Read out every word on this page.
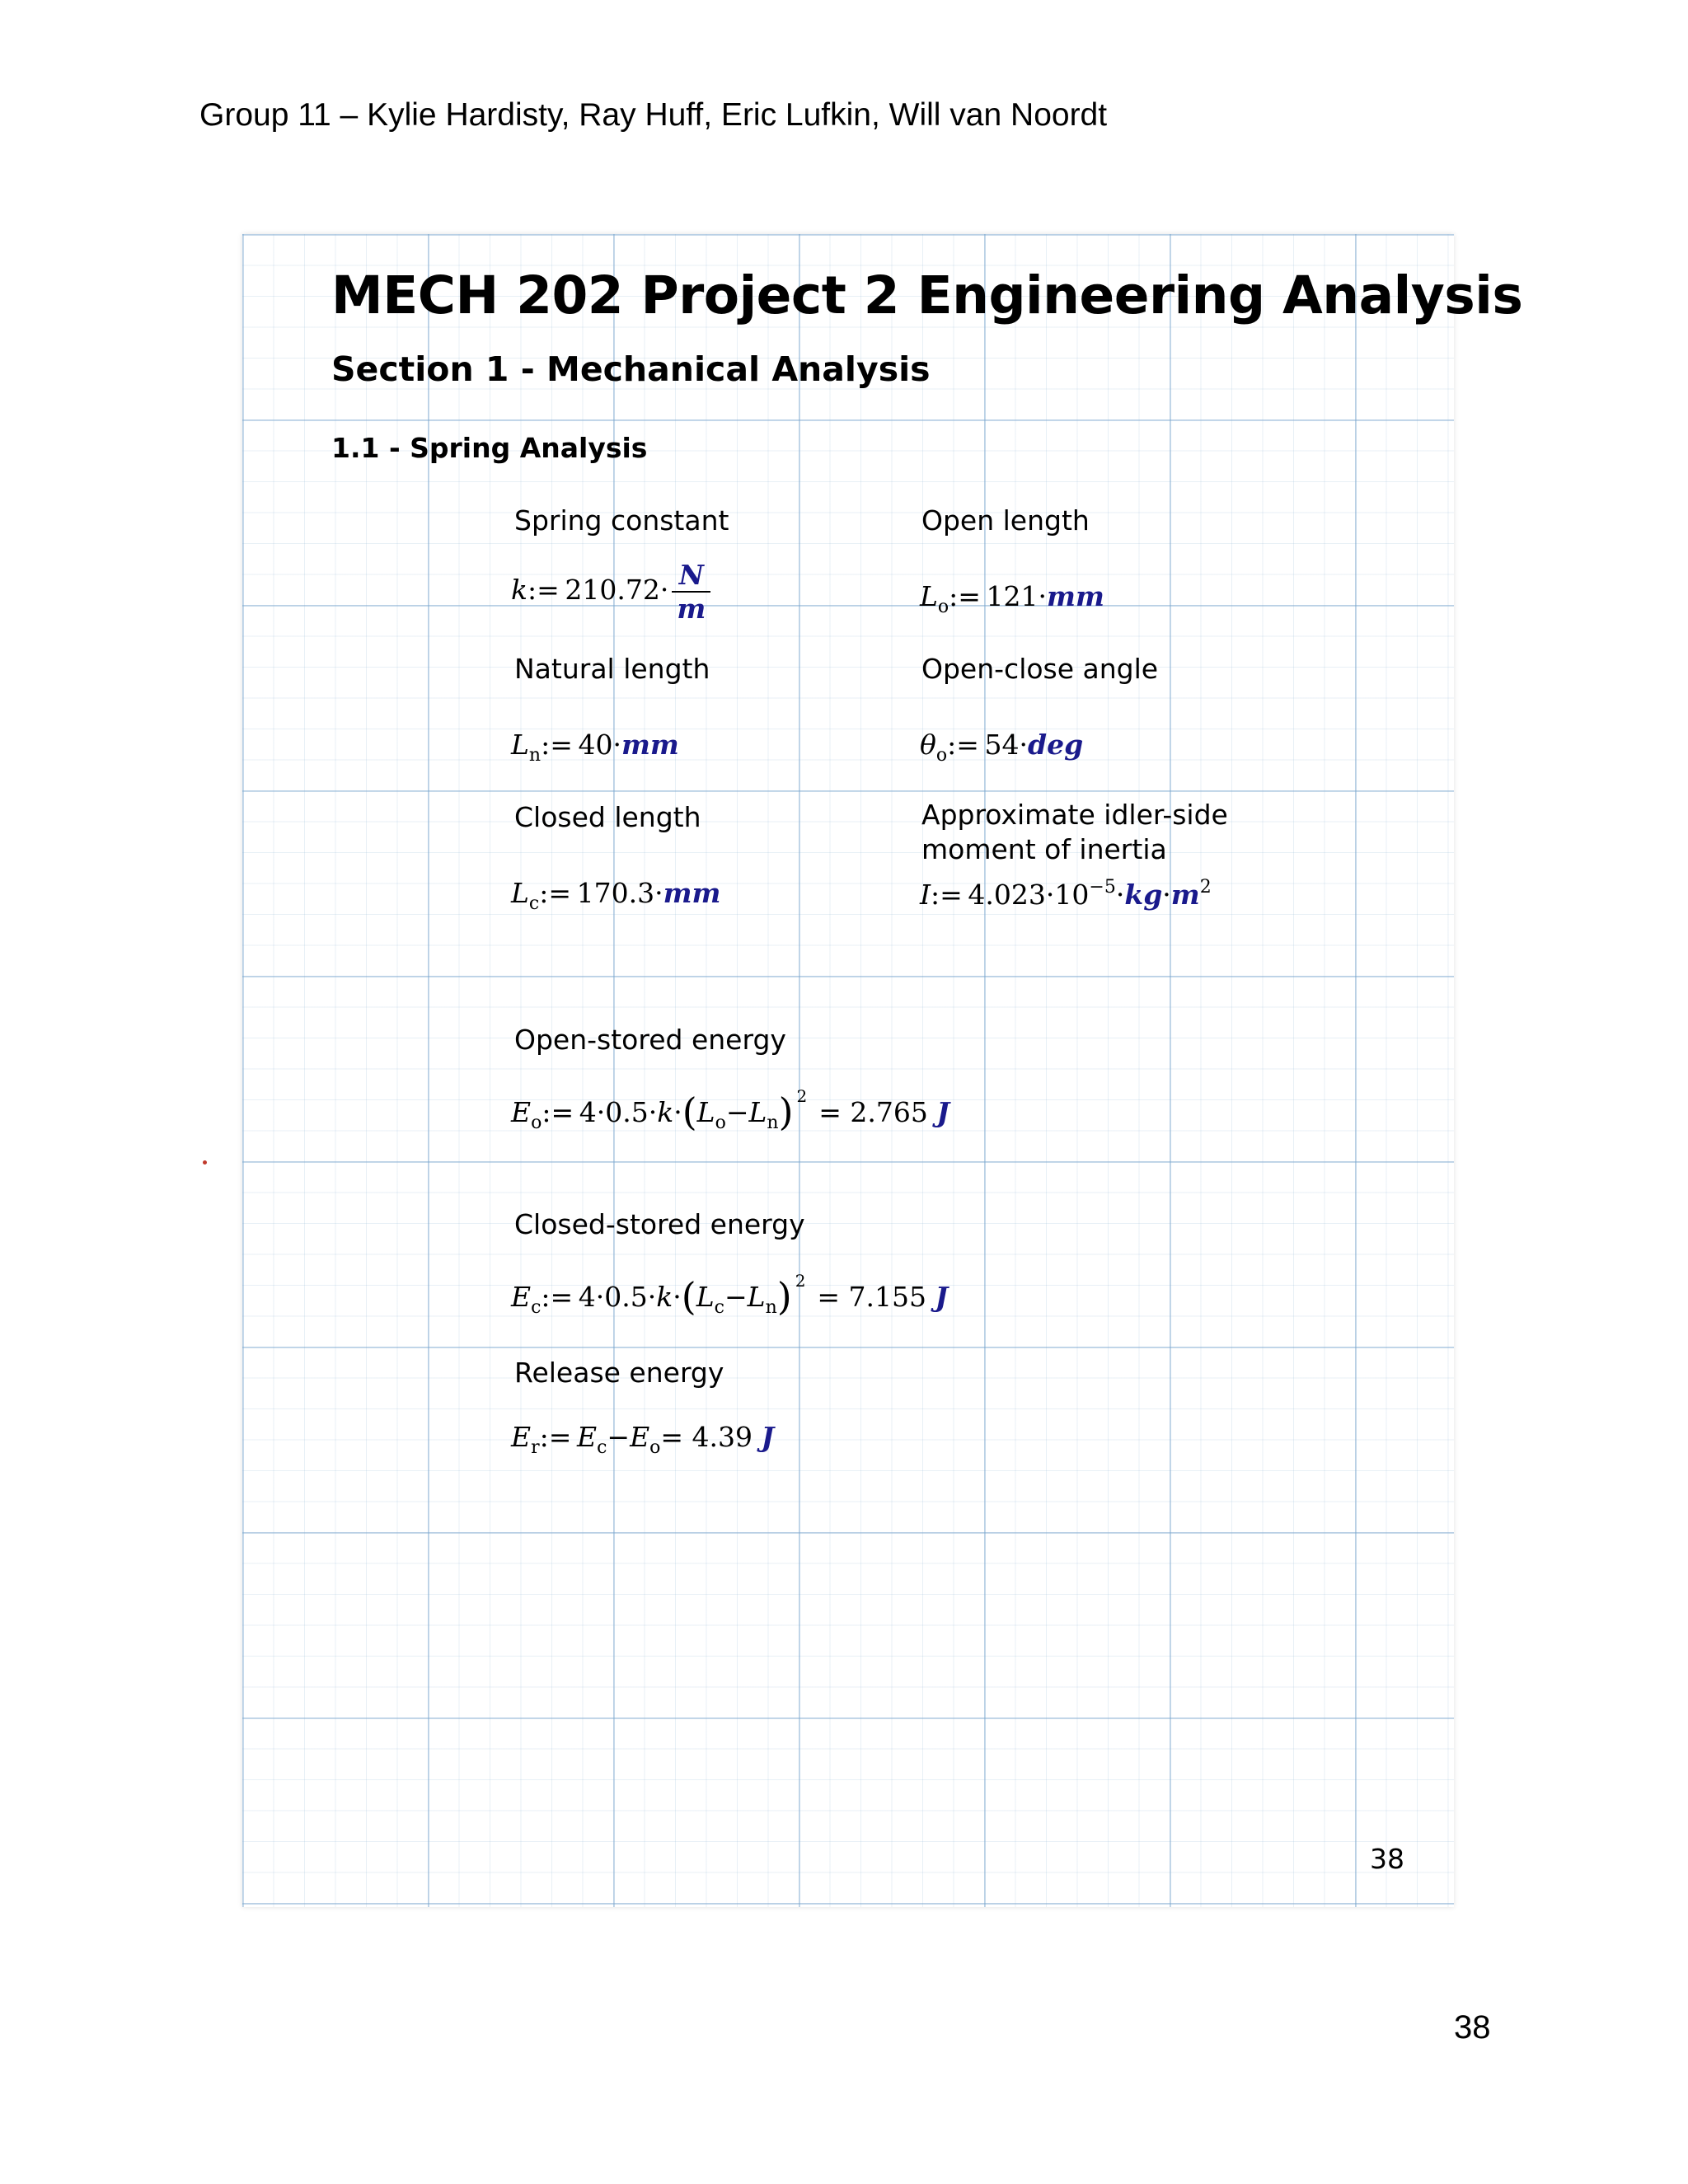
Group 11 – Kylie Hardisty, Ray Huff, Eric Lufkin, Will van Noordt
MECH 202 Project 2 Engineering Analysis
Section 1 - Mechanical Analysis
1.1 - Spring Analysis
Spring constant	Open length
k:=  $210.72\cdot \frac{N}{m}$	$L_o:= 121\cdot mm$
Natural length	Open-close angle
$L_n:= 40\cdot mm$	$\theta_o:= 54\cdot deg$
Closed length	Approximate idler-side moment of inertia
$L_c:= 170.3\cdot mm$	I:=  $4.023\cdot 10^{-5}\cdot kg\cdot m^2$
Open-stored energy
$E_o:= 4\cdot 0.5\cdot k\cdot(L_o-L_n) ^2 = 2.765$ J
Closed-stored energy
$E_c:= 4\cdot 0.5\cdot k\cdot(L_c-L_n) ^2 = 7.155$ J
Release energy
$E_r:= E_c-E_o= 4.39$ J
38
38
